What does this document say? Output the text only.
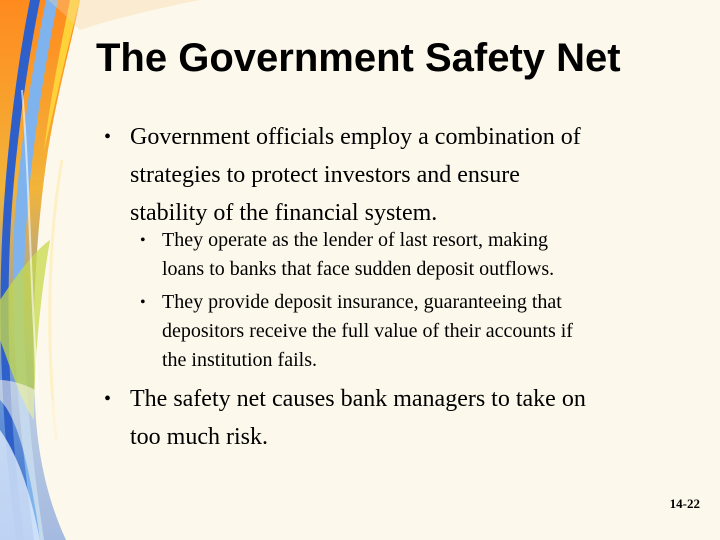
The Government Safety Net
• Government officials employ a combination of
strategies to protect investors and ensure
stability of the financial system.
• They operate as the lender of last resort, making
loans to banks that face sudden deposit outflows.
• They provide deposit insurance, guaranteeing that
depositors receive the full value of their accounts if
the institution fails.
• The safety net causes bank managers to take on
too much risk.
14-22
